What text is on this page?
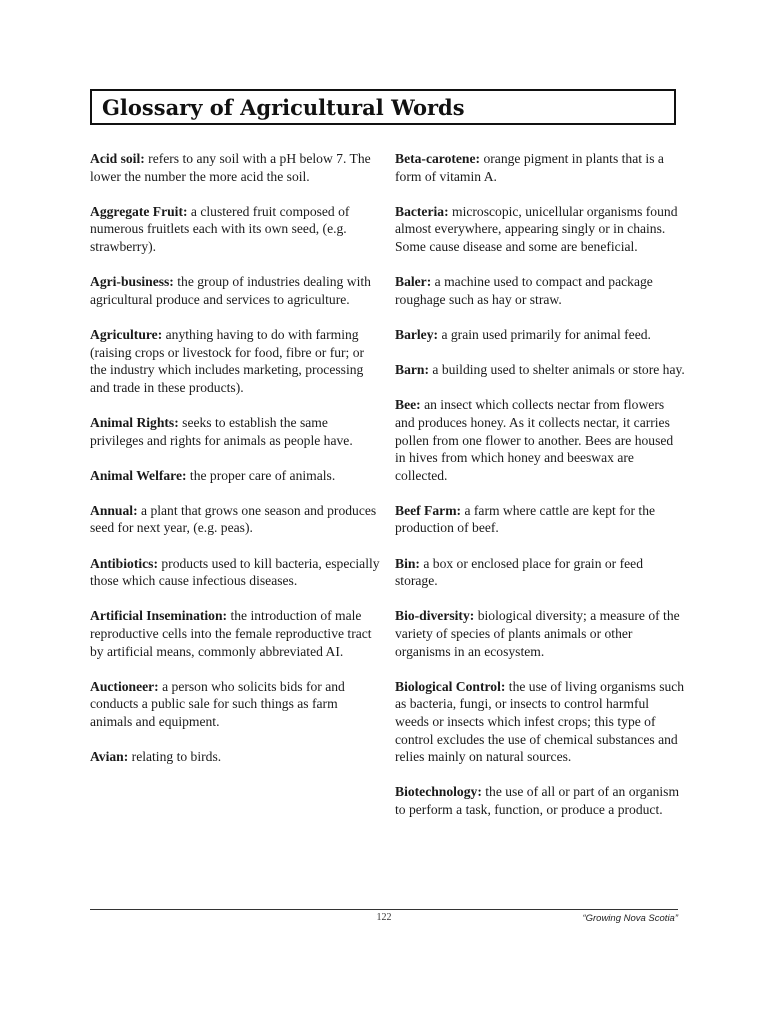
Glossary of Agricultural Words

Acid soil: refers to any soil with a pH below 7. The lower the number the more acid the soil.

Aggregate Fruit: a clustered fruit composed of numerous fruitlets each with its own seed, (e.g. strawberry).

Agri-business: the group of industries dealing with agricultural produce and services to agriculture.

Agriculture: anything having to do with farming (raising crops or livestock for food, fibre or fur; or the industry which includes marketing, processing and trade in these products).

Animal Rights: seeks to establish the same privileges and rights for animals as people have.

Animal Welfare: the proper care of animals.

Annual: a plant that grows one season and produces seed for next year, (e.g. peas).

Antibiotics: products used to kill bacteria, especially those which cause infectious diseases.

Artificial Insemination: the introduction of male reproductive cells into the female reproductive tract by artificial means, commonly abbreviated AI.

Auctioneer: a person who solicits bids for and conducts a public sale for such things as farm animals and equipment.

Avian: relating to birds.

Beta-carotene: orange pigment in plants that is a form of vitamin A.

Bacteria: microscopic, unicellular organisms found almost everywhere, appearing singly or in chains. Some cause disease and some are beneficial.

Baler: a machine used to compact and package roughage such as hay or straw.

Barley: a grain used primarily for animal feed.

Barn: a building used to shelter animals or store hay.

Bee: an insect which collects nectar from flowers and produces honey. As it collects nectar, it carries pollen from one flower to another. Bees are housed in hives from which honey and beeswax are collected.

Beef Farm: a farm where cattle are kept for the production of beef.

Bin: a box or enclosed place for grain or feed storage.

Bio-diversity: biological diversity; a measure of the variety of species of plants animals or other organisms in an ecosystem.

Biological Control: the use of living organisms such as bacteria, fungi, or insects to control harmful weeds or insects which infest crops; this type of control excludes the use of chemical substances and relies mainly on natural sources.

Biotechnology: the use of all or part of an organism to perform a task, function, or produce a product.

122	“Growing Nova Scotia”
